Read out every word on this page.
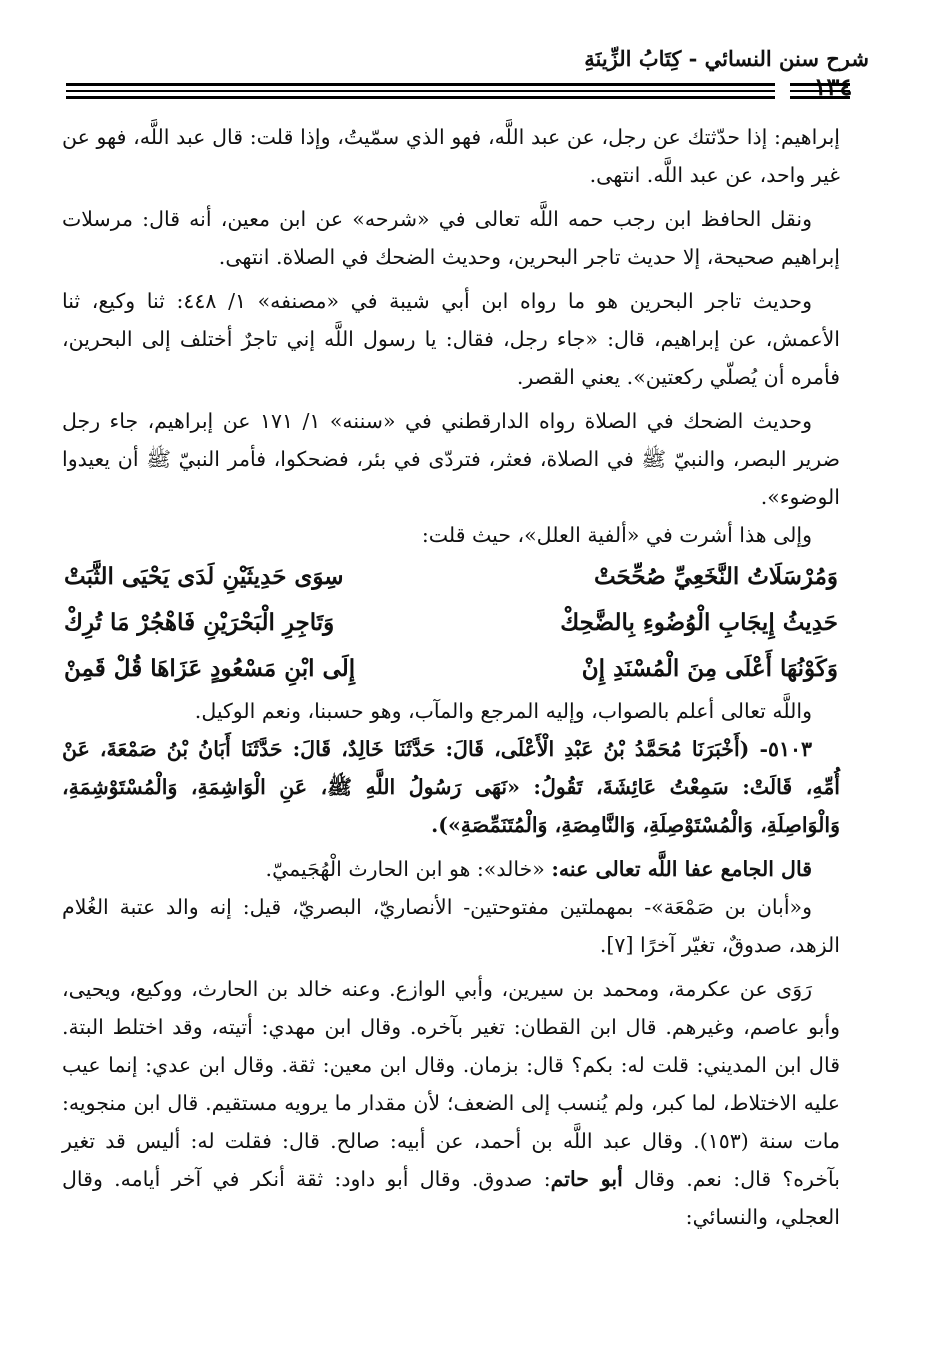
شرح سنن النسائي - كِتَابُ الزِّينَةِ
١٣٤

إبراهيم: إذا حدّثتك عن رجل، عن عبد اللَّه، فهو الذي سمّيتُ، وإذا قلت: قال عبد اللَّه، فهو عن غير واحد، عن عبد اللَّه. انتهى.

ونقل الحافظ ابن رجب حمه اللَّه تعالى في «شرحه» عن ابن معين، أنه قال: مرسلات إبراهيم صحيحة، إلا حديث تاجر البحرين، وحديث الضحك في الصلاة. انتهى.

وحديث تاجر البحرين هو ما رواه ابن أبي شيبة في «مصنفه» ١/ ٤٤٨: ثنا وكيع، ثنا الأعمش، عن إبراهيم، قال: «جاء رجل، فقال: يا رسول اللَّه إني تاجرٌ أختلف إلى البحرين، فأمره أن يُصلّي ركعتين». يعني القصر.

وحديث الضحك في الصلاة رواه الدارقطني في «سننه» ١/ ١٧١ عن إبراهيم، جاء رجل ضرير البصر، والنبيّ ﷺ في الصلاة، فعثر، فتردّى في بئر، فضحكوا، فأمر النبيّ ﷺ أن يعيدوا الوضوء».

وإلى هذا أشرت في «ألفية العلل»، حيث قلت:

وَمُرْسَلَاتُ النَّخَعِيِّ صُحِّحَتْ
سِوَى حَدِيثَيْنِ لَدَى يَحْيَى الثَّبَتْ
حَدِيثُ إِيجَابِ الْوُضُوءِ بِالضَّحِكْ
وَتَاجِرِ الْبَحْرَيْنِ فَاهْجُرْ مَا تُرِكْ
وَكَوْنُهَا أَعْلَى مِنَ الْمُسْنَدِ إِنْ
إِلَى ابْنِ مَسْعُودٍ عَزَاهَا قُلْ قَمِنْ

واللَّه تعالى أعلم بالصواب، وإليه المرجع والمآب، وهو حسبنا، ونعم الوكيل.

٥١٠٣- (أَخْبَرَنَا مُحَمَّدُ بْنُ عَبْدِ الْأَعْلَى، قَالَ: حَدَّثَنَا خَالِدٌ، قَالَ: حَدَّثَنَا أَبَانُ بْنُ صَمْعَةَ، عَنْ أُمِّهِ، قَالَتْ: سَمِعْتُ عَائِشَةَ، تَقُولُ: «نَهَى رَسُولُ اللَّهِ ﷺ، عَنِ الْوَاشِمَةِ، وَالْمُسْتَوْشِمَةِ، وَالْوَاصِلَةِ، وَالْمُسْتَوْصِلَةِ، وَالنَّامِصَةِ، وَالْمُتَنَمِّصَةِ»).

قال الجامع عفا اللَّه تعالى عنه: «خالد»: هو ابن الحارث الْهُجَيميّ.

و«أبان بن صَمْعَة»- بمهملتين مفتوحتين- الأنصاريّ، البصريّ، قيل: إنه والد عتبة الغُلام الزهد، صدوقٌ، تغيّر آخرًا [٧].

رَوَى عن عكرمة، ومحمد بن سيرين، وأبي الوازع. وعنه خالد بن الحارث، ووكيع، ويحيى، وأبو عاصم، وغيرهم. قال ابن القطان: تغير بآخره. وقال ابن مهدي: أتيته، وقد اختلط البتة. قال ابن المديني: قلت له: بكم؟ قال: بزمان. وقال ابن معين: ثقة. وقال ابن عدي: إنما عيب عليه الاختلاط، لما كبر، ولم يُنسب إلى الضعف؛ لأن مقدار ما يرويه مستقيم. قال ابن منجويه: مات سنة (١٥٣). وقال عبد اللَّه بن أحمد، عن أبيه: صالح. قال: فقلت له: أليس قد تغير بآخره؟ قال: نعم. وقال أبو حاتم: صدوق. وقال أبو داود: ثقة أنكر في آخر أيامه. وقال العجلي، والنسائي:
